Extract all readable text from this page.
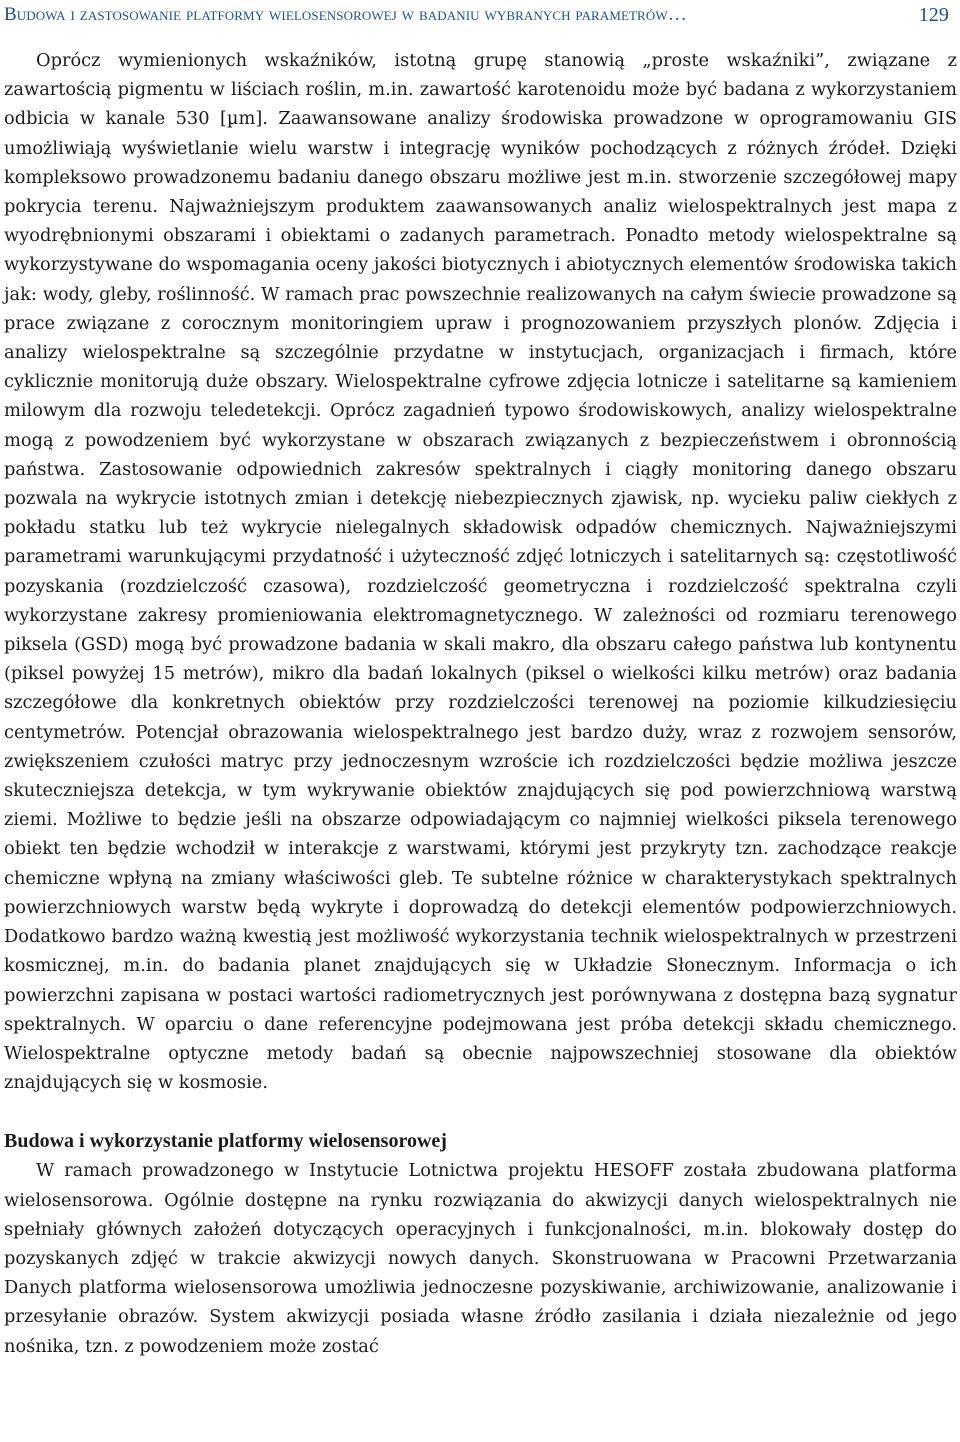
Budowa i zastosowanie platformy wielosensorowej w badaniu wybranych parametrów…	129

Oprócz wymienionych wskaźników, istotną grupę stanowią „proste wskaźniki”, związane z zawartością pigmentu w liściach roślin, m.in. zawartość karotenoidu może być badana z wykorzystaniem odbicia w kanale 530 [µm]. Zaawansowane analizy środowiska prowadzone w oprogramowaniu GIS umożliwiają wyświetlanie wielu warstw i integrację wyników pochodzących z różnych źródeł. Dzięki kompleksowo prowadzonemu badaniu danego obszaru możliwe jest m.in. stworzenie szczegółowej mapy pokrycia terenu. Najważniejszym produktem zaawansowanych analiz wielospektralnych jest mapa z wyodrębnionymi obszarami i obiektami o zadanych parametrach. Ponadto metody wielospektralne są wykorzystywane do wspomagania oceny jakości biotycznych i abiotycznych elementów środowiska takich jak: wody, gleby, roślinność. W ramach prac powszechnie realizowanych na całym świecie prowadzone są prace związane z corocznym monitoringiem upraw i prognozowaniem przyszłych plonów. Zdjęcia i analizy wielospektralne są szczególnie przydatne w instytucjach, organizacjach i firmach, które cyklicznie monitorują duże obszary. Wielospektralne cyfrowe zdjęcia lotnicze i satelitarne są kamieniem milowym dla rozwoju teledetekcji. Oprócz zagadnień typowo środowiskowych, analizy wielospektralne mogą z powodzeniem być wykorzystane w obszarach związanych z bezpieczeństwem i obronnością państwa. Zastosowanie odpowiednich zakresów spektralnych i ciągły monitoring danego obszaru pozwala na wykrycie istotnych zmian i detekcję niebezpiecznych zjawisk, np. wycieku paliw ciekłych z pokładu statku lub też wykrycie nielegalnych składowisk odpadów chemicznych. Najważniejszymi parametrami warunkującymi przydatność i użyteczność zdjęć lotniczych i satelitarnych są: częstotliwość pozyskania (rozdzielczość czasowa), rozdzielczość geometryczna i rozdzielczość spektralna czyli wykorzystane zakresy promieniowania elektromagnetycznego. W zależności od rozmiaru terenowego piksela (GSD) mogą być prowadzone badania w skali makro, dla obszaru całego państwa lub kontynentu (piksel powyżej 15 metrów), mikro dla badań lokalnych (piksel o wielkości kilku metrów) oraz badania szczegółowe dla konkretnych obiektów przy rozdzielczości terenowej na poziomie kilkudziesięciu centymetrów. Potencjał obrazowania wielospektralnego jest bardzo duży, wraz z rozwojem sensorów, zwiększeniem czułości matryc przy jednoczesnym wzroście ich rozdzielczości będzie możliwa jeszcze skuteczniejsza detekcja, w tym wykrywanie obiektów znajdujących się pod powierzchniową warstwą ziemi. Możliwe to będzie jeśli na obszarze odpowiadającym co najmniej wielkości piksela terenowego obiekt ten będzie wchodził w interakcje z warstwami, którymi jest przykryty tzn. zachodzące reakcje chemiczne wpłyną na zmiany właściwości gleb. Te subtelne różnice w charakterystykach spektralnych powierzchniowych warstw będą wykryte i doprowadzą do detekcji elementów podpowierzchniowych. Dodatkowo bardzo ważną kwestią jest możliwość wykorzystania technik wielospektralnych w przestrzeni kosmicznej, m.in. do badania planet znajdujących się w Układzie Słonecznym. Informacja o ich powierzchni zapisana w postaci wartości radiometrycznych jest porównywana z dostępna bazą sygnatur spektralnych. W oparciu o dane referencyjne podejmowana jest próba detekcji składu chemicznego. Wielospektralne optyczne metody badań są obecnie najpowszechniej stosowane dla obiektów znajdujących się w kosmosie.

Budowa i wykorzystanie platformy wielosensorowej

W ramach prowadzonego w Instytucie Lotnictwa projektu HESOFF została zbudowana platforma wielosensorowa. Ogólnie dostępne na rynku rozwiązania do akwizycji danych wielospektralnych nie spełniały głównych założeń dotyczących operacyjnych i funkcjonalności, m.in. blokowały dostęp do pozyskanych zdjęć w trakcie akwizycji nowych danych. Skonstruowana w Pracowni Przetwarzania Danych platforma wielosensorowa umożliwia jednoczesne pozyskiwanie, archiwizowanie, analizowanie i przesyłanie obrazów. System akwizycji posiada własne źródło zasilania i działa niezależnie od jego nośnika, tzn. z powodzeniem może zostać
